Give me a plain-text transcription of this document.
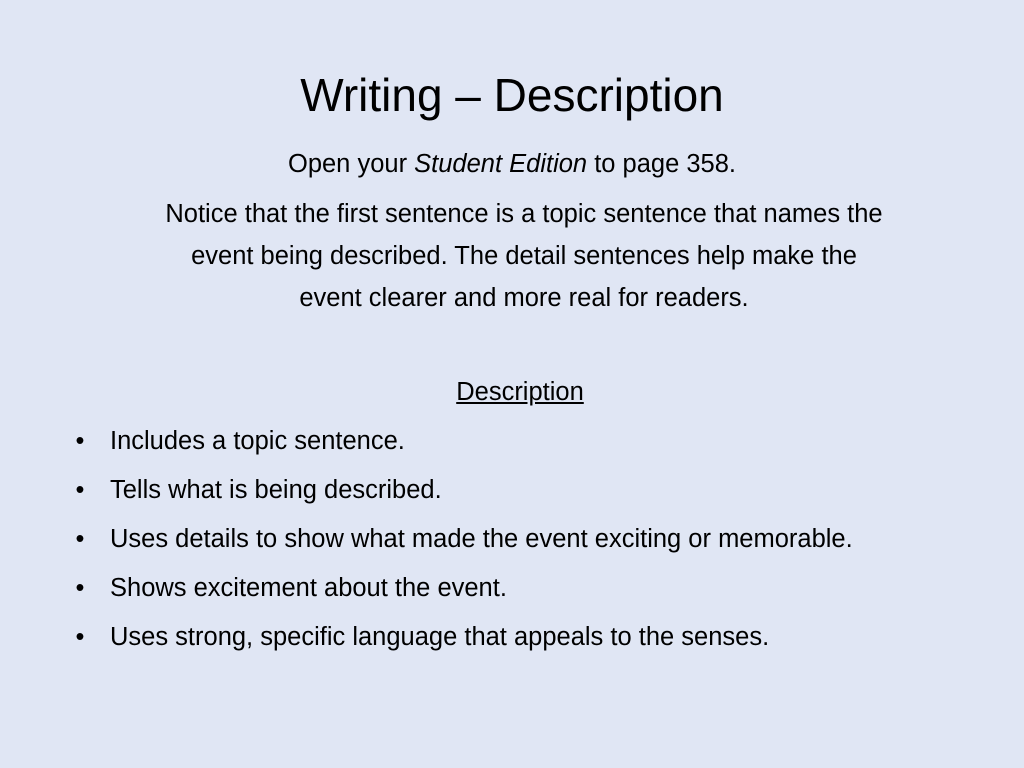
Writing – Description
Open your Student Edition to page 358.

Notice that the first sentence is a topic sentence that names the
event being described. The detail sentences help make the
event clearer and more real for readers.

Description
• Includes a topic sentence.
• Tells what is being described.
• Uses details to show what made the event exciting or memorable.
• Shows excitement about the event.
• Uses strong, specific language that appeals to the senses.
